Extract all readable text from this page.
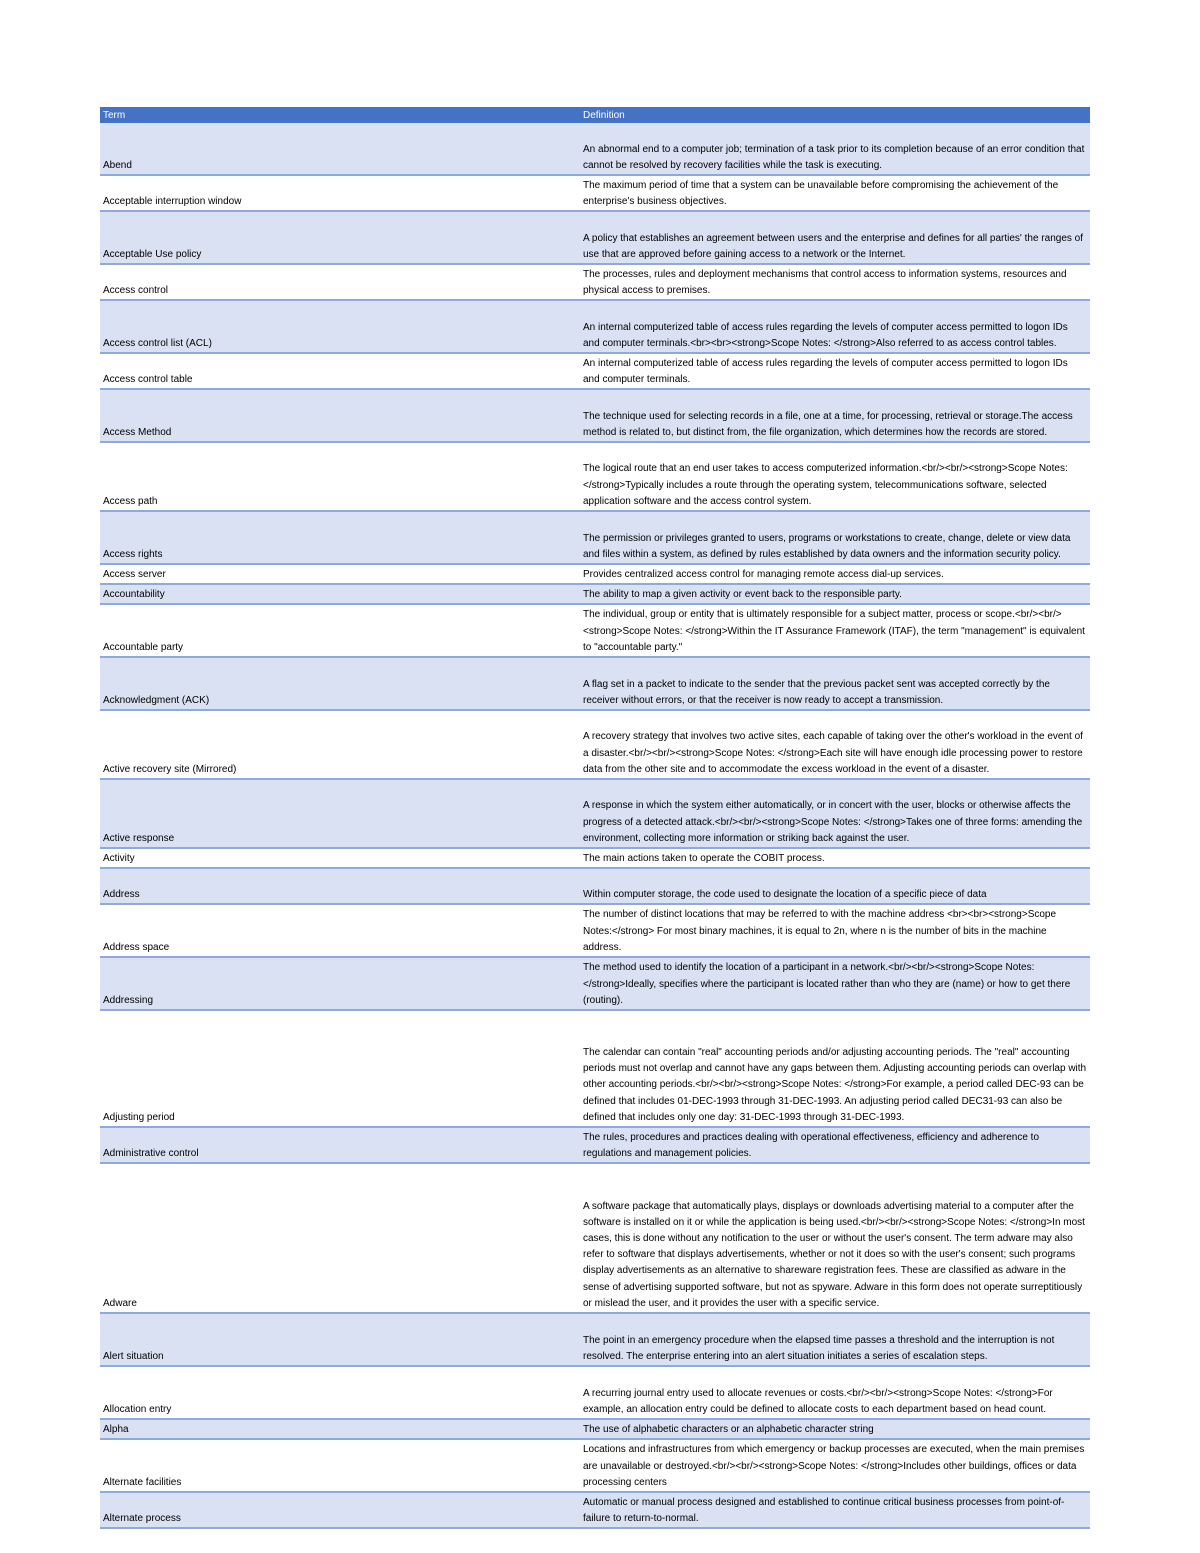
Term	Definition
Abend	An abnormal end to a computer job; termination of a task prior to its completion because of an error condition that cannot be resolved by recovery facilities while the task is executing.
Acceptable interruption window	The maximum period of time that a system can be unavailable before compromising the achievement of the enterprise's business objectives.
Acceptable Use policy	A policy that establishes an agreement between users and the enterprise and defines for all parties' the ranges of use that are approved before gaining access to a network or the Internet.
Access control	The processes, rules and deployment mechanisms that control access to information systems, resources and physical access to premises.
Access control list (ACL)	An internal computerized table of access rules regarding the levels of computer access permitted to logon IDs and computer terminals.<br><br><strong>Scope Notes: </strong>Also referred to as access control tables.
Access control table	An internal computerized table of access rules regarding the levels of computer access permitted to logon IDs and computer terminals.
Access Method	The technique used for selecting records in a file, one at a time, for processing, retrieval or storage.The access method is related to, but distinct from, the file organization, which determines how the records are stored.
Access path	The logical route that an end user takes to access computerized information.<br/><br/><strong>Scope Notes: </strong>Typically includes a route through the operating system, telecommunications software, selected application software and the access control system.
Access rights	The permission or privileges granted to users, programs or workstations to create, change, delete or view data and files within a system, as defined by rules established by data owners and the information security policy.
Access server	Provides centralized access control for managing remote access dial-up services.
Accountability	The ability to map a given activity or event back to the responsible party.
Accountable party	The individual, group or entity that is ultimately responsible for a subject matter, process or scope.<br/><br/><strong>Scope Notes: </strong>Within the IT Assurance Framework (ITAF), the term "management" is equivalent to "accountable party."
Acknowledgment (ACK)	A flag set in a packet to indicate to the sender that the previous packet sent was accepted correctly by the receiver without errors, or that the receiver is now ready to accept a transmission.
Active recovery site (Mirrored)	A recovery strategy that involves two active sites, each capable of taking over the other's workload in the event of a disaster.<br/><br/><strong>Scope Notes: </strong>Each site will have enough idle processing power to restore data from the other site and to accommodate the excess workload in the event of a disaster.
Active response	A response in which the system either automatically, or in concert with the user, blocks or otherwise affects the progress of a detected attack.<br/><br/><strong>Scope Notes: </strong>Takes one of three forms: amending the environment, collecting more information or striking back against the user.
Activity	The main actions taken to operate the COBIT process.
Address	Within computer storage, the code used to designate the location of a specific piece of data
Address space	The number of distinct locations that may be referred to with the machine address <br><br><strong>Scope Notes:</strong> For most binary machines, it is equal to 2n, where n is the number of bits in the machine address.
Addressing	The method used to identify the location of a participant in a network.<br/><br/><strong>Scope Notes: </strong>Ideally, specifies where the participant is located rather than who they are (name) or how to get there (routing).
Adjusting period	The calendar can contain "real" accounting periods and/or adjusting accounting periods. The "real" accounting periods must not overlap and cannot have any gaps between them. Adjusting accounting periods can overlap with other accounting periods.<br/><br/><strong>Scope Notes: </strong>For example, a period called DEC-93 can be defined that includes 01-DEC-1993 through 31-DEC-1993. An adjusting period called DEC31-93 can also be defined that includes only one day: 31-DEC-1993 through 31-DEC-1993.
Administrative control	The rules, procedures and practices dealing with operational effectiveness, efficiency and adherence to regulations and management policies.
Adware	A software package that automatically plays, displays or downloads advertising material to a computer after the software is installed on it or while the application is being used.<br/><br/><strong>Scope Notes: </strong>In most cases, this is done without any notification to the user or without the user's consent. The term adware may also refer to software that displays advertisements, whether or not it does so with the user's consent; such programs display advertisements as an alternative to shareware registration fees. These are classified as adware in the sense of advertising supported software, but not as spyware. Adware in this form does not operate surreptitiously or mislead the user, and it provides the user with a specific service.
Alert situation	The point in an emergency procedure when the elapsed time passes a threshold and the interruption is not resolved. The enterprise entering into an alert situation initiates a series of escalation steps.
Allocation entry	A recurring journal entry used to allocate revenues or costs.<br/><br/><strong>Scope Notes: </strong>For example, an allocation entry could be defined to allocate costs to each department based on head count.
Alpha	The use of alphabetic characters or an alphabetic character string
Alternate facilities	Locations and infrastructures from which emergency or backup processes are executed, when the main premises are unavailable or destroyed.<br/><br/><strong>Scope Notes: </strong>Includes other buildings, offices or data processing centers
Alternate process	Automatic or manual process designed and established to continue critical business processes from point-of-failure to return-to-normal.
